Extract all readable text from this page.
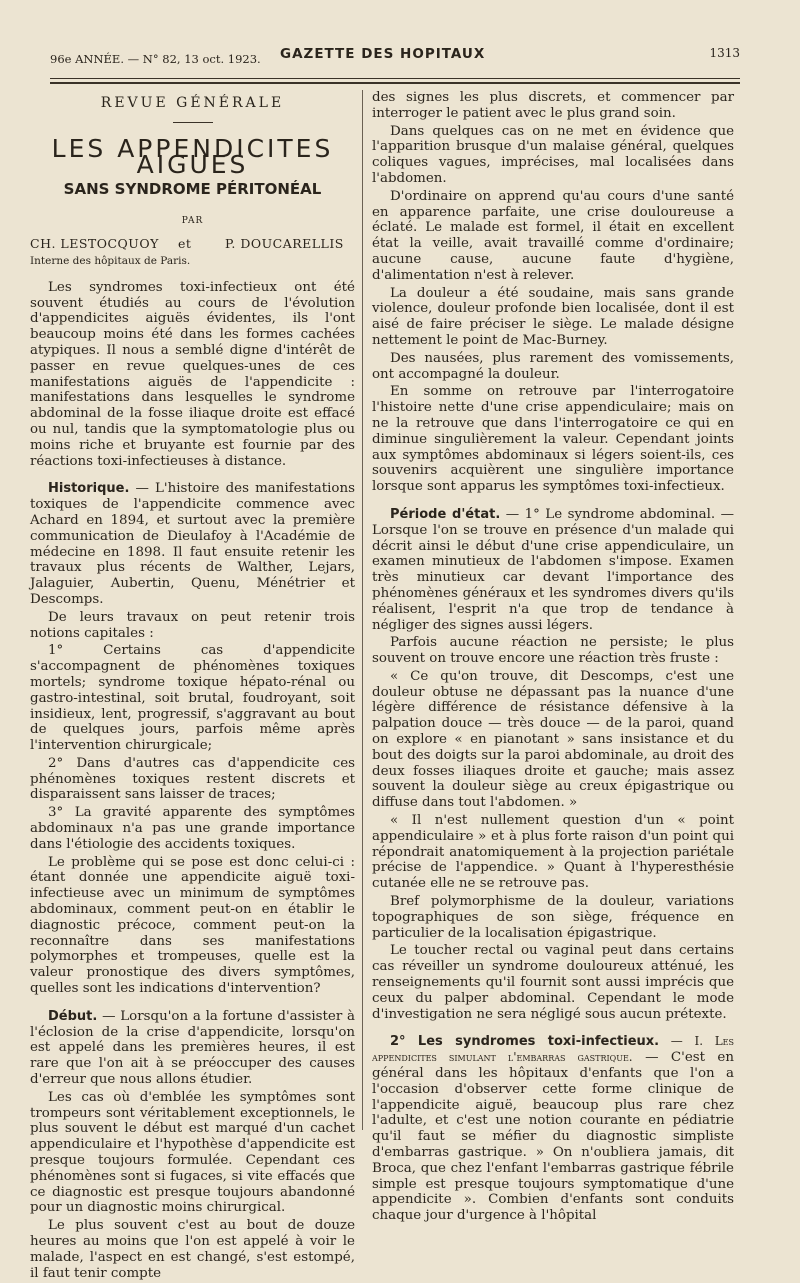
96e ANNÉE. — N° 82, 13 oct. 1923. GAZETTE DES HOPITAUX	1313
REVUE GÉNÉRALE
LES APPENDICITES AIGUES
SANS SYNDROME PÉRITONÉAL
PAR
CH. LESTOCQUOY et	P. DOUCARELLIS
Interne des hôpitaux de Paris.

Les syndromes toxi-infectieux ont été souvent étudiés au cours de l'évolution d'appendicites aiguës évidentes, ils l'ont beaucoup moins été dans les formes cachées atypiques. Il nous a semblé digne d'intérêt de passer en revue quelques-unes de ces manifestations aiguës de l'appendicite : manifestations dans lesquelles le syndrome abdominal de la fosse iliaque droite est effacé ou nul, tandis que la symptomatologie plus ou moins riche et bruyante est fournie par des réactions toxi-infectieuses à distance.

Historique. — L'histoire des manifestations toxiques de l'appendicite commence avec Achard en 1894, et surtout avec la première communication de Dieulafoy à l'Académie de médecine en 1898. Il faut ensuite retenir les travaux plus récents de Walther, Lejars, Jalaguier, Aubertin, Quenu, Ménétrier et Descomps.

De leurs travaux on peut retenir trois notions capitales :

1° Certains cas d'appendicite s'accompagnent de phénomènes toxiques mortels; syndrome toxique hépato-rénal ou gastro-intestinal, soit brutal, foudroyant, soit insidieux, lent, progressif, s'aggravant au bout de quelques jours, parfois même après l'intervention chirurgicale;

2° Dans d'autres cas d'appendicite ces phénomènes toxiques restent discrets et disparaissent sans laisser de traces;

3° La gravité apparente des symptômes abdominaux n'a pas une grande importance dans l'étiologie des accidents toxiques.

Le problème qui se pose est donc celui-ci : étant donnée une appendicite aiguë toxi-infectieuse avec un minimum de symptômes abdominaux, comment peut-on en établir le diagnostic précoce, comment peut-on la reconnaître dans ses manifestations polymorphes et trompeuses, quelle est la valeur pronostique des divers symptômes, quelles sont les indications d'intervention?

Début. — Lorsqu'on a la fortune d'assister à l'éclosion de la crise d'appendicite, lorsqu'on est appelé dans les premières heures, il est rare que l'on ait à se préoccuper des causes d'erreur que nous allons étudier.

Les cas où d'emblée les symptômes sont trompeurs sont véritablement exceptionnels, le plus souvent le début est marqué d'un cachet appendiculaire et l'hypothèse d'appendicite est presque toujours formulée. Cependant ces phénomènes sont si fugaces, si vite effacés que ce diagnostic est presque toujours abandonné pour un diagnostic moins chirurgical.

Le plus souvent c'est au bout de douze heures au moins que l'on est appelé à voir le malade, l'aspect en est changé, s'est estompé, il faut tenir compte

des signes les plus discrets, et commencer par interroger le patient avec le plus grand soin.

Dans quelques cas on ne met en évidence que l'apparition brusque d'un malaise général, quelques coliques vagues, imprécises, mal localisées dans l'abdomen.

D'ordinaire on apprend qu'au cours d'une santé en apparence parfaite, une crise douloureuse a éclaté. Le malade est formel, il était en excellent état la veille, avait travaillé comme d'ordinaire; aucune cause, aucune faute d'hygiène, d'alimentation n'est à relever.

La douleur a été soudaine, mais sans grande violence, douleur profonde bien localisée, dont il est aisé de faire préciser le siège. Le malade désigne nettement le point de Mac-Burney.

Des nausées, plus rarement des vomissements, ont accompagné la douleur.

En somme on retrouve par l'interrogatoire l'histoire nette d'une crise appendiculaire; mais on ne la retrouve que dans l'interrogatoire ce qui en diminue singulièrement la valeur. Cependant joints aux symptômes abdominaux si légers soient-ils, ces souvenirs acquièrent une singulière importance lorsque sont apparus les symptômes toxi-infectieux.

Période d'état. — 1° Le syndrome abdominal. — Lorsque l'on se trouve en présence d'un malade qui décrit ainsi le début d'une crise appendiculaire, un examen minutieux de l'abdomen s'impose. Examen très minutieux car devant l'importance des phénomènes généraux et les syndromes divers qu'ils réalisent, l'esprit n'a que trop de tendance à négliger des signes aussi légers.

Parfois aucune réaction ne persiste; le plus souvent on trouve encore une réaction très fruste :

« Ce qu'on trouve, dit Descomps, c'est une douleur obtuse ne dépassant pas la nuance d'une légère différence de résistance défensive à la palpation douce — très douce — de la paroi, quand on explore « en pianotant » sans insistance et du bout des doigts sur la paroi abdominale, au droit des deux fosses iliaques droite et gauche; mais assez souvent la douleur siège au creux épigastrique ou diffuse dans tout l'abdomen. »

« Il n'est nullement question d'un « point appendiculaire » et à plus forte raison d'un point qui répondrait anatomiquement à la projection pariétale précise de l'appendice. » Quant à l'hyperesthésie cutanée elle ne se retrouve pas.

Bref polymorphisme de la douleur, variations topographiques de son siège, fréquence en particulier de la localisation épigastrique.

Le toucher rectal ou vaginal peut dans certains cas réveiller un syndrome douloureux atténué, les renseignements qu'il fournit sont aussi imprécis que ceux du palper abdominal. Cependant le mode d'investigation ne sera négligé sous aucun prétexte.

2° Les syndromes toxi-infectieux. — I. Les appendicites simulant l'embarras gastrique. — C'est en général dans les hôpitaux d'enfants que l'on a l'occasion d'observer cette forme clinique de l'appendicite aiguë, beaucoup plus rare chez l'adulte, et c'est une notion courante en pédiatrie qu'il faut se méfier du diagnostic simpliste d'embarras gastrique. » On n'oubliera jamais, dit Broca, que chez l'enfant l'embarras gastrique fébrile simple est presque toujours symptomatique d'une appendicite ». Combien d'enfants sont conduits chaque jour d'urgence à l'hôpital
